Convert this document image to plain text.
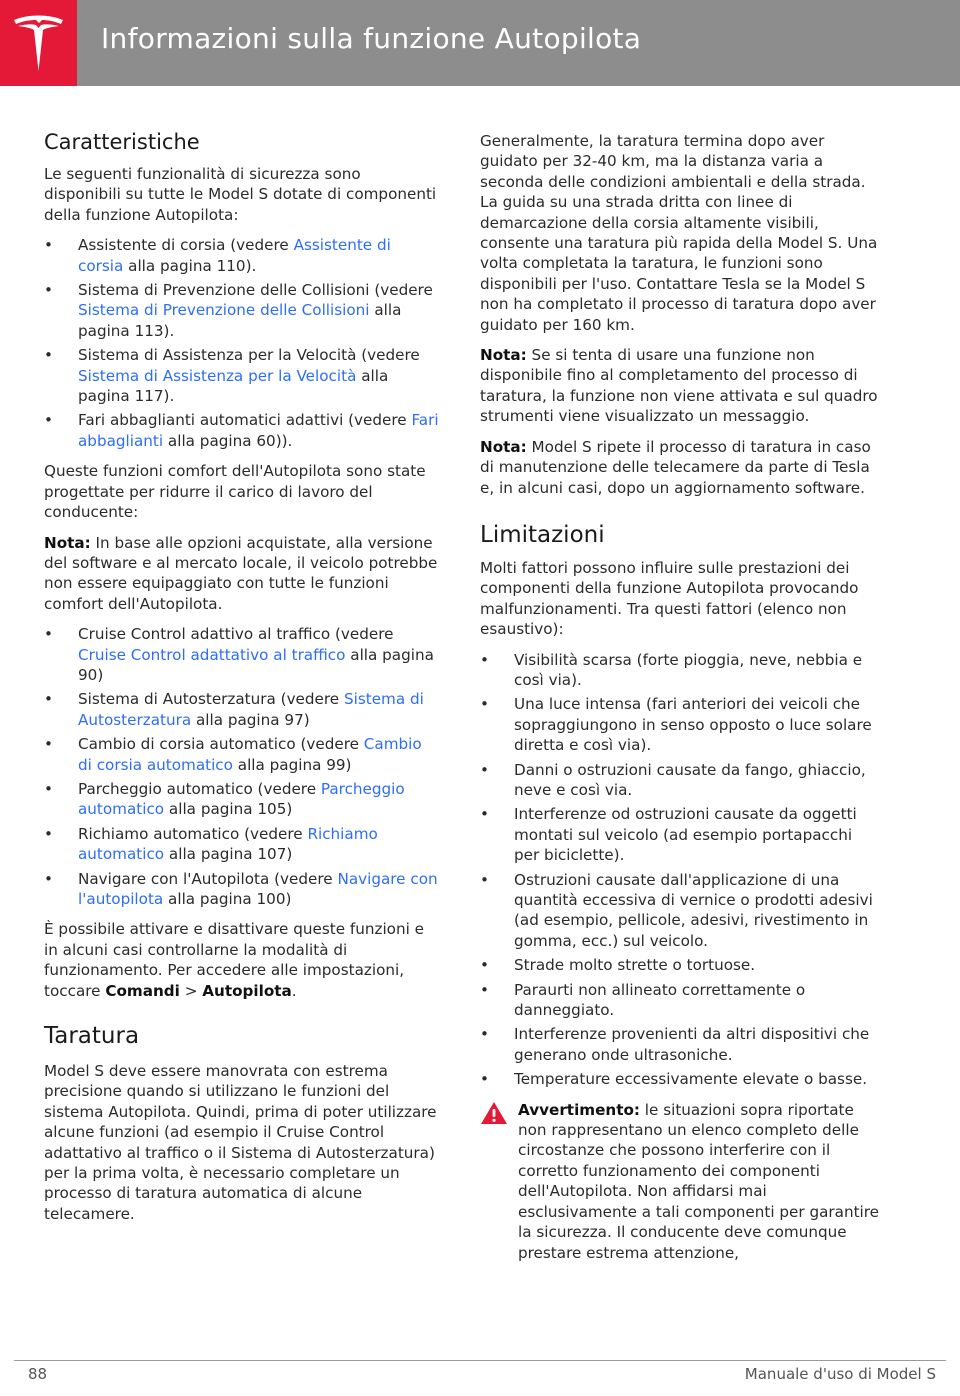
Informazioni sulla funzione Autopilota
Caratteristiche

Le seguenti funzionalità di sicurezza sono disponibili su tutte le Model S dotate di componenti della funzione Autopilota:

• Assistente di corsia (vedere Assistente di corsia alla pagina 110).
• Sistema di Prevenzione delle Collisioni (vedere Sistema di Prevenzione delle Collisioni alla pagina 113).
• Sistema di Assistenza per la Velocità (vedere Sistema di Assistenza per la Velocità alla pagina 117).
• Fari abbaglianti automatici adattivi (vedere Fari abbaglianti alla pagina 60)).

Queste funzioni comfort dell'Autopilota sono state progettate per ridurre il carico di lavoro del conducente:

Nota: In base alle opzioni acquistate, alla versione del software e al mercato locale, il veicolo potrebbe non essere equipaggiato con tutte le funzioni comfort dell'Autopilota.

• Cruise Control adattivo al traffico (vedere Cruise Control adattativo al traffico alla pagina 90)
• Sistema di Autosterzatura (vedere Sistema di Autosterzatura alla pagina 97)
• Cambio di corsia automatico (vedere Cambio di corsia automatico alla pagina 99)
• Parcheggio automatico (vedere Parcheggio automatico alla pagina 105)
• Richiamo automatico (vedere Richiamo automatico alla pagina 107)
• Navigare con l'Autopilota (vedere Navigare con l'autopilota alla pagina 100)

È possibile attivare e disattivare queste funzioni e in alcuni casi controllarne la modalità di funzionamento. Per accedere alle impostazioni, toccare Comandi > Autopilota.

Taratura

Model S deve essere manovrata con estrema precisione quando si utilizzano le funzioni del sistema Autopilota. Quindi, prima di poter utilizzare alcune funzioni (ad esempio il Cruise Control adattativo al traffico o il Sistema di Autosterzatura) per la prima volta, è necessario completare un processo di taratura automatica di alcune telecamere.

Generalmente, la taratura termina dopo aver guidato per 32-40 km, ma la distanza varia a seconda delle condizioni ambientali e della strada. La guida su una strada dritta con linee di demarcazione della corsia altamente visibili, consente una taratura più rapida della Model S. Una volta completata la taratura, le funzioni sono disponibili per l'uso. Contattare Tesla se la Model S non ha completato il processo di taratura dopo aver guidato per 160 km.

Nota: Se si tenta di usare una funzione non disponibile fino al completamento del processo di taratura, la funzione non viene attivata e sul quadro strumenti viene visualizzato un messaggio.

Nota: Model S ripete il processo di taratura in caso di manutenzione delle telecamere da parte di Tesla e, in alcuni casi, dopo un aggiornamento software.

Limitazioni

Molti fattori possono influire sulle prestazioni dei componenti della funzione Autopilota provocando malfunzionamenti. Tra questi fattori (elenco non esaustivo):

• Visibilità scarsa (forte pioggia, neve, nebbia e così via).
• Una luce intensa (fari anteriori dei veicoli che sopraggiungono in senso opposto o luce solare diretta e così via).
• Danni o ostruzioni causate da fango, ghiaccio, neve e così via.
• Interferenze od ostruzioni causate da oggetti montati sul veicolo (ad esempio portapacchi per biciclette).
• Ostruzioni causate dall'applicazione di una quantità eccessiva di vernice o prodotti adesivi (ad esempio, pellicole, adesivi, rivestimento in gomma, ecc.) sul veicolo.
• Strade molto strette o tortuose.
• Paraurti non allineato correttamente o danneggiato.
• Interferenze provenienti da altri dispositivi che generano onde ultrasoniche.
• Temperature eccessivamente elevate o basse.

Avvertimento: le situazioni sopra riportate non rappresentano un elenco completo delle circostanze che possono interferire con il corretto funzionamento dei componenti dell'Autopilota. Non affidarsi mai esclusivamente a tali componenti per garantire la sicurezza. Il conducente deve comunque prestare estrema attenzione,

88	Manuale d'uso di Model S
